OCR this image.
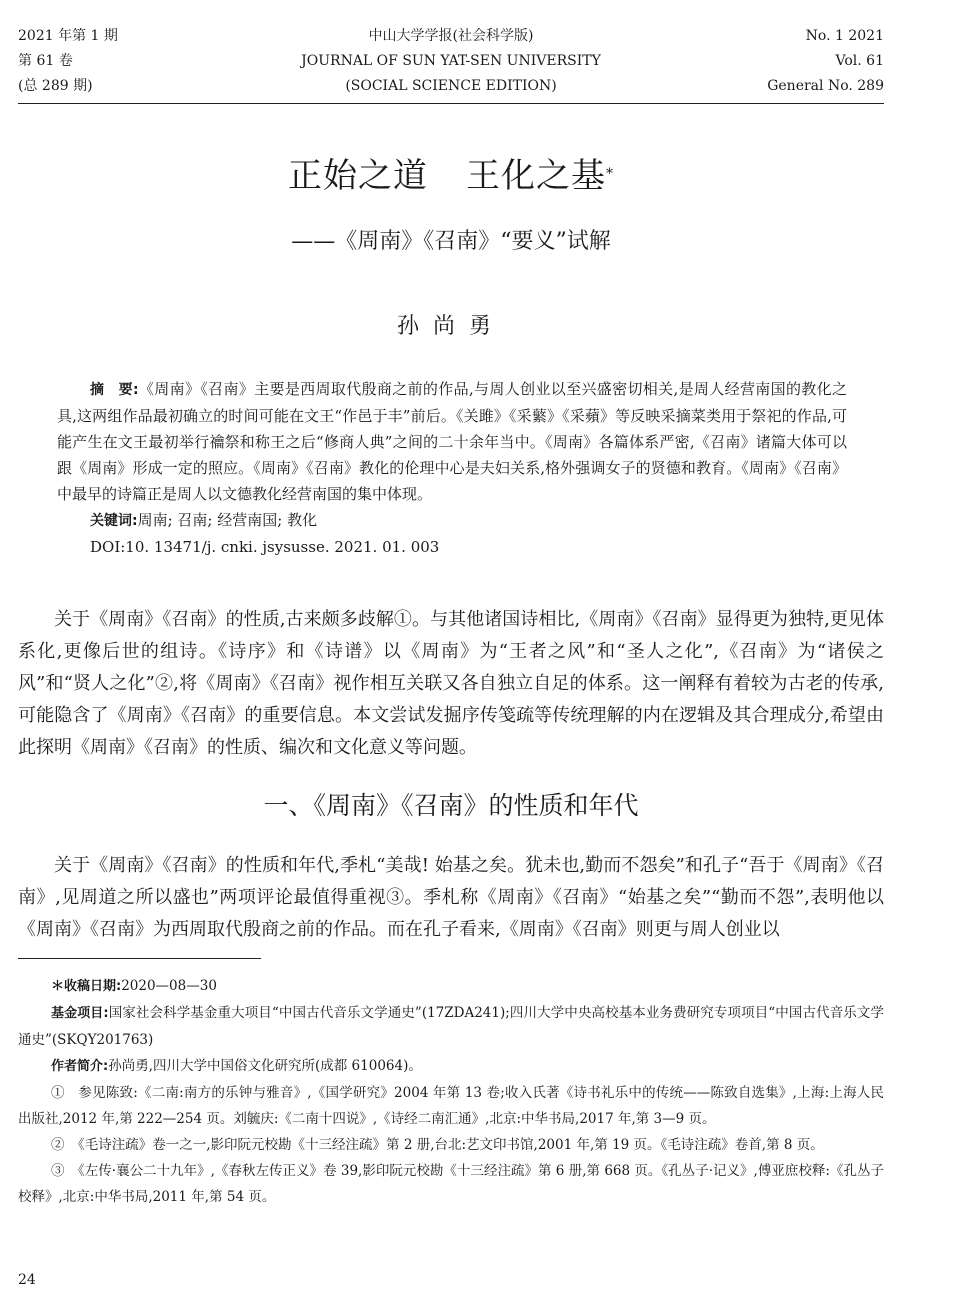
2021 年第 1 期
第 61 卷
(总 289 期)
中山大学学报(社会科学版)
JOURNAL OF SUN YAT-SEN UNIVERSITY
(SOCIAL SCIENCE EDITION)
No. 1 2021
Vol. 61
General No. 289
正始之道 王化之基*
——《周南》《召南》“要义”试解
孙尚勇

摘　要:《周南》《召南》主要是西周取代殷商之前的作品,与周人创业以至兴盛密切相关,是周人经营南国的教化之具,这两组作品最初确立的时间可能在文王“作邑于丰”前后。《关雎》《采蘩》《采蘋》等反映采摘菜类用于祭祀的作品,可能产生在文王最初举行禴祭和称王之后“修商人典”之间的二十余年当中。《周南》各篇体系严密,《召南》诸篇大体可以跟《周南》形成一定的照应。《周南》《召南》教化的伦理中心是夫妇关系,格外强调女子的贤德和教育。《周南》《召南》中最早的诗篇正是周人以文德教化经营南国的集中体现。

关键词:周南; 召南; 经营南国; 教化
DOI:10. 13471/j. cnki. jsysusse. 2021. 01. 003

关于《周南》《召南》的性质,古来颇多歧解①。与其他诸国诗相比,《周南》《召南》显得更为独特,更见体系化,更像后世的组诗。《诗序》和《诗谱》以《周南》为“王者之风”和“圣人之化”,《召南》为“诸侯之风”和“贤人之化”②,将《周南》《召南》视作相互关联又各自独立自足的体系。这一阐释有着较为古老的传承,可能隐含了《周南》《召南》的重要信息。本文尝试发掘序传笺疏等传统理解的内在逻辑及其合理成分,希望由此探明《周南》《召南》的性质、编次和文化意义等问题。

一、《周南》《召南》的性质和年代

关于《周南》《召南》的性质和年代,季札“美哉! 始基之矣。犹未也,勤而不怨矣”和孔子“吾于《周南》《召南》,见周道之所以盛也”两项评论最值得重视③。季札称《周南》《召南》“始基之矣”“勤而不怨”,表明他以《周南》《召南》为西周取代殷商之前的作品。而在孔子看来,《周南》《召南》则更与周人创业以

＊收稿日期:2020—08—30

基金项目:国家社会科学基金重大项目“中国古代音乐文学通史”(17ZDA241);四川大学中央高校基本业务费研究专项项目“中国古代音乐文学通史”(SKQY201763)

作者简介:孙尚勇,四川大学中国俗文化研究所(成都 610064)。

①　参见陈致:《二南:南方的乐钟与雅音》,《国学研究》2004 年第 13 卷;收入氏著《诗书礼乐中的传统——陈致自选集》,上海:上海人民出版社,2012 年,第 222—254 页。刘毓庆:《二南十四说》,《诗经二南汇通》,北京:中华书局,2017 年,第 3—9 页。

②　《毛诗注疏》卷一之一,影印阮元校勘《十三经注疏》第 2 册,台北:艺文印书馆,2001 年,第 19 页。《毛诗注疏》卷首,第 8 页。

③　《左传·襄公二十九年》,《春秋左传正义》卷 39,影印阮元校勘《十三经注疏》第 6 册,第 668 页。《孔丛子·记义》,傅亚庶校释:《孔丛子校释》,北京:中华书局,2011 年,第 54 页。

24
